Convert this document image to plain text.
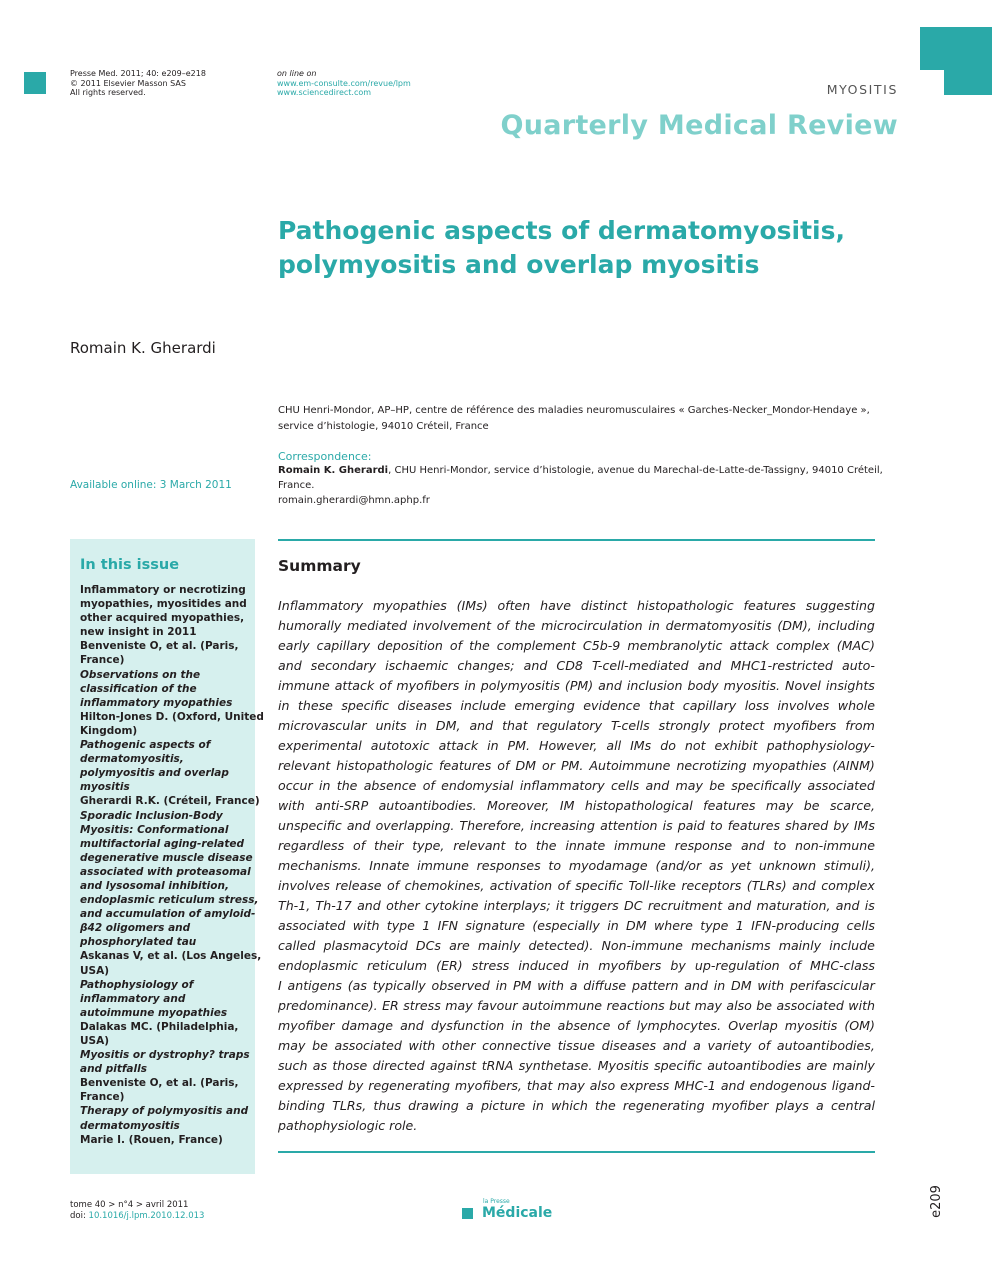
Presse Med. 2011; 40: e209–e218
© 2011 Elsevier Masson SAS
All rights reserved.
on line on
www.em-consulte.com/revue/lpm
www.sciencedirect.com	MYOSITIS
Quarterly Medical Review
Pathogenic aspects of dermatomyositis,
polymyositis and overlap myositis
Romain K. Gherardi
CHU Henri-Mondor, AP–HP, centre de référence des maladies neuromusculaires « Garches-Necker_Mondor-Hendaye »,
service d’histologie, 94010 Créteil, France
Correspondence:
Romain K. Gherardi, CHU Henri-Mondor, service d’histologie, avenue du Marechal-de-Latte-de-Tassigny, 94010 Créteil,
France.
romain.gherardi@hmn.aphp.fr
Available online: 3 March 2011
In this issue
Inflammatory or necrotizing
myopathies, myositides and
other acquired myopathies,
new insight in 2011
Benveniste O, et al. (Paris,
France)
Observations on the
classification of the
inflammatory myopathies
Hilton-Jones D. (Oxford, United
Kingdom)
Pathogenic aspects of
dermatomyositis,
polymyositis and overlap
myositis
Gherardi R.K. (Créteil, France)
Sporadic Inclusion-Body
Myositis: Conformational
multifactorial aging-related
degenerative muscle disease
associated with proteasomal
and lysosomal inhibition,
endoplasmic reticulum stress,
and accumulation of amyloid-
β42 oligomers and
phosphorylated tau
Askanas V, et al. (Los Angeles,
USA)
Pathophysiology of
inflammatory and
autoimmune myopathies
Dalakas MC. (Philadelphia,
USA)
Myositis or dystrophy? traps
and pitfalls
Benveniste O, et al. (Paris,
France)
Therapy of polymyositis and
dermatomyositis
Marie I. (Rouen, France)
Summary
Inflammatory myopathies (IMs) often have distinct histopathologic features suggesting
humorally mediated involvement of the microcirculation in dermatomyositis (DM), including
early capillary deposition of the complement C5b-9 membranolytic attack complex (MAC)
and secondary ischaemic changes; and CD8 T-cell-mediated and MHC1-restricted auto-
immune attack of myofibers in polymyositis (PM) and inclusion body myositis. Novel insights
in these specific diseases include emerging evidence that capillary loss involves whole
microvascular units in DM, and that regulatory T-cells strongly protect myofibers from
experimental autotoxic attack in PM. However, all IMs do not exhibit pathophysiology-
relevant histopathologic features of DM or PM. Autoimmune necrotizing myopathies (AINM)
occur in the absence of endomysial inflammatory cells and may be specifically associated
with anti-SRP autoantibodies. Moreover, IM histopathological features may be scarce,
unspecific and overlapping. Therefore, increasing attention is paid to features shared by IMs
regardless of their type, relevant to the innate immune response and to non-immune
mechanisms. Innate immune responses to myodamage (and/or as yet unknown stimuli),
involves release of chemokines, activation of specific Toll-like receptors (TLRs) and complex
Th-1, Th-17 and other cytokine interplays; it triggers DC recruitment and maturation, and is
associated with type 1 IFN signature (especially in DM where type 1 IFN-producing cells
called plasmacytoid DCs are mainly detected). Non-immune mechanisms mainly include
endoplasmic reticulum (ER) stress induced in myofibers by up-regulation of MHC-class
I antigens (as typically observed in PM with a diffuse pattern and in DM with perifascicular
predominance). ER stress may favour autoimmune reactions but may also be associated with
myofiber damage and dysfunction in the absence of lymphocytes. Overlap myositis (OM)
may be associated with other connective tissue diseases and a variety of autoantibodies,
such as those directed against tRNA synthetase. Myositis specific autoantibodies are mainly
expressed by regenerating myofibers, that may also express MHC-1 and endogenous ligand-
binding TLRs, thus drawing a picture in which the regenerating myofiber plays a central
pathophysiologic role.
tome 40 > n°4 > avril 2011
doi: 10.1016/j.lpm.2010.12.013
la Presse
Médicale	e209
